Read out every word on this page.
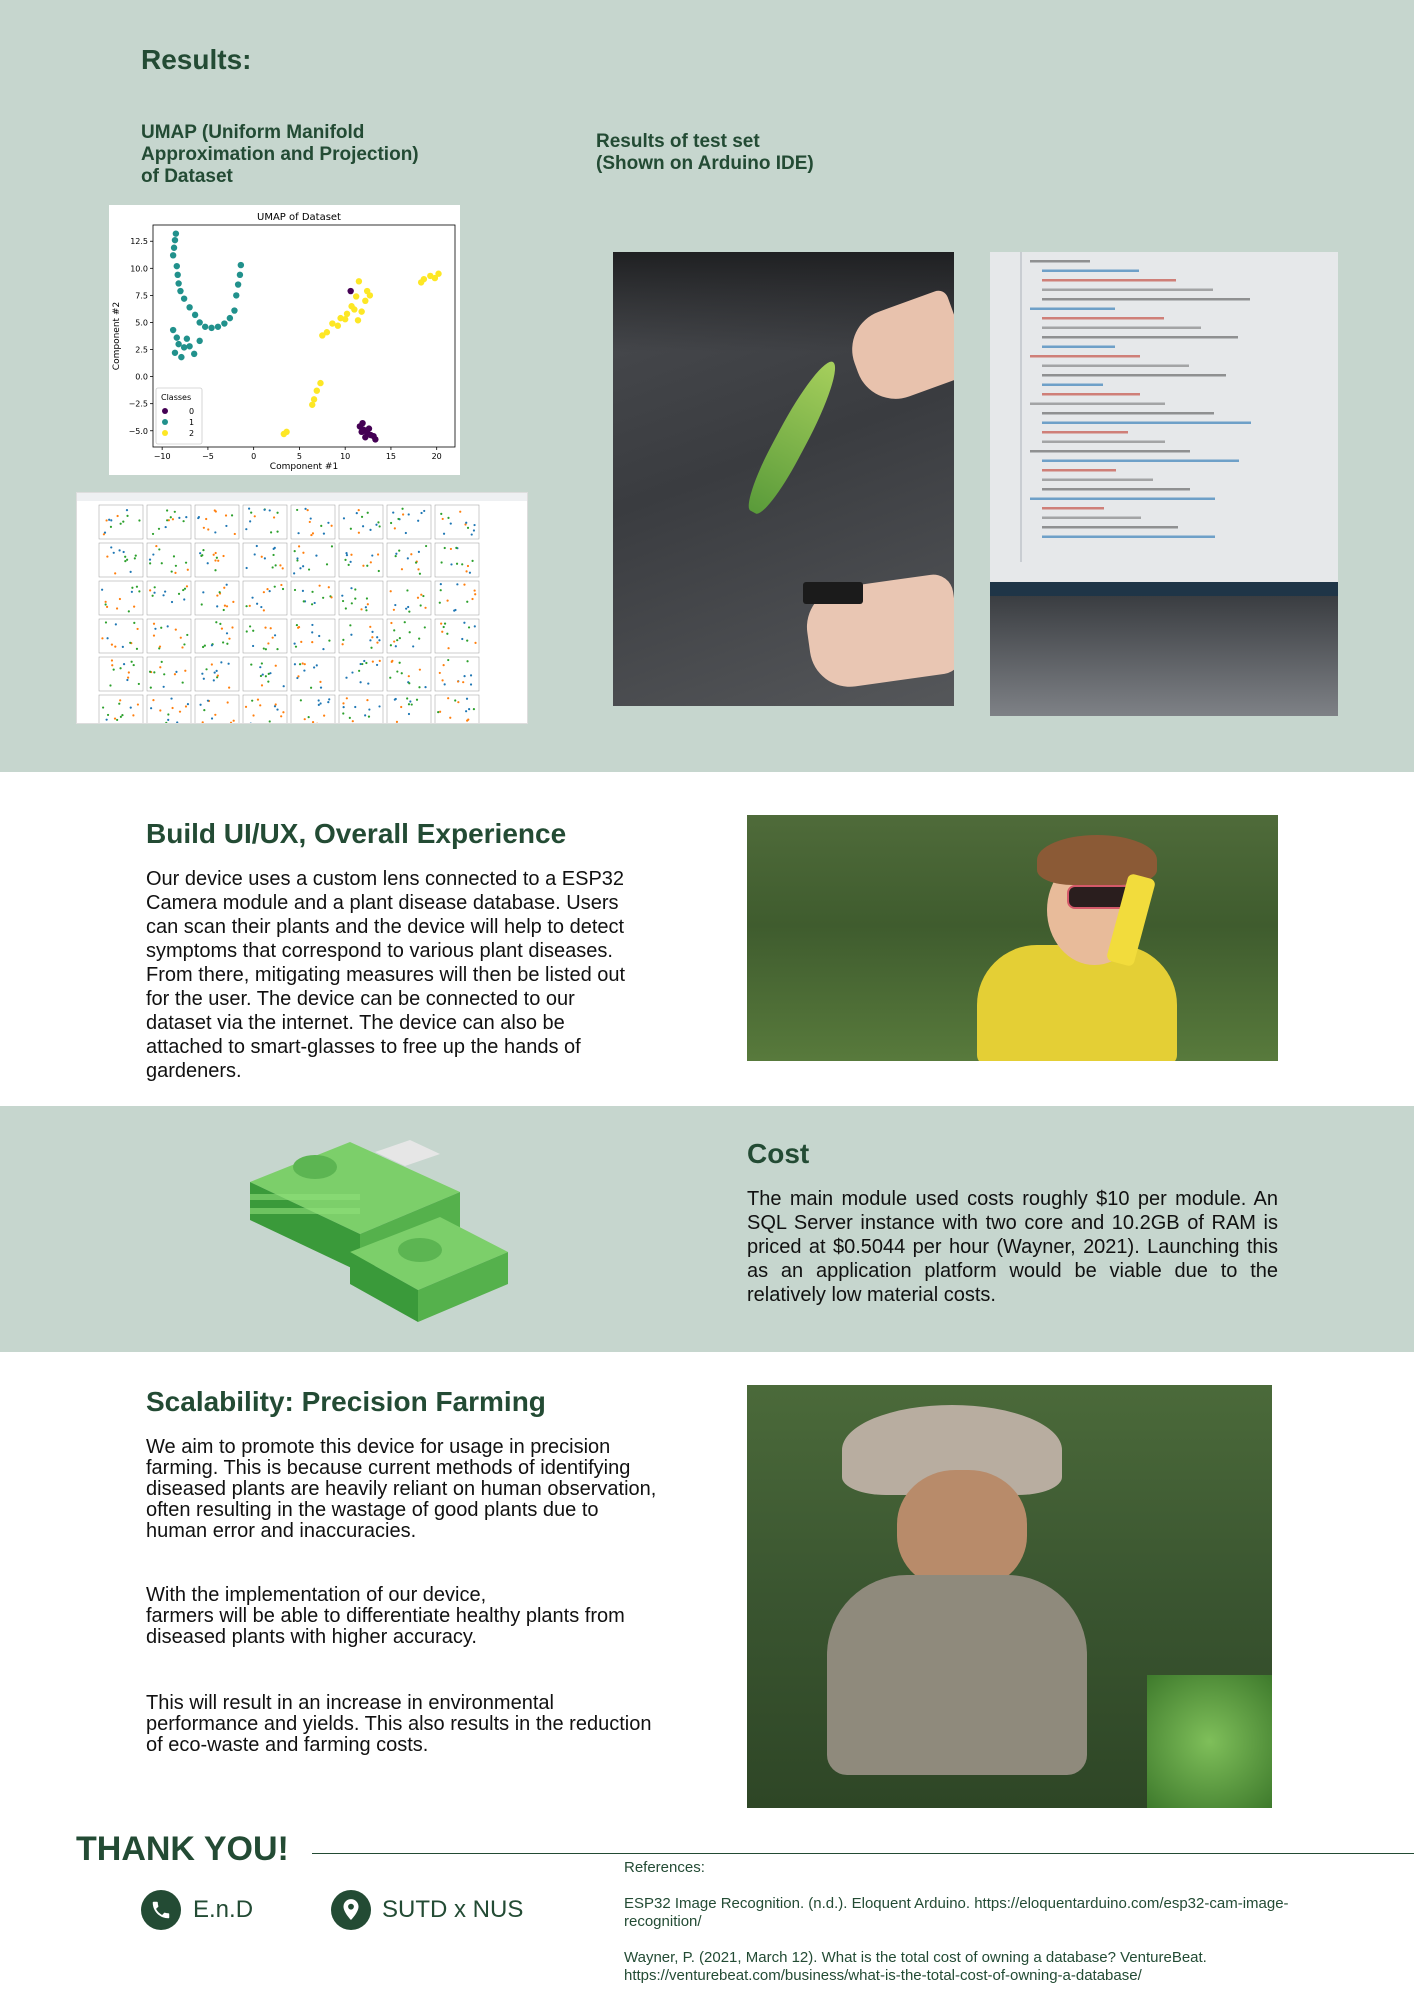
Results:
UMAP (Uniform Manifold Approximation and Projection) of Dataset
Results of test set
(Shown on Arduino IDE)
UMAP of Dataset
−10	−5	0	5	10	15	20
12.5
10.0
7.5
5.0
2.5
0.0
−2.5
−5.0
Component #1
Component #2
Classes
0
1
2
Build UI/UX, Overall Experience

Our device uses a custom lens connected to a ESP32

Camera module and a plant disease database. Users

can scan their plants and the device will help to detect

symptoms that correspond to various plant diseases.

From there, mitigating measures will then be listed out

for the user. The device can be connected to our

dataset via the internet. The device can also be

attached to smart-glasses to free up the hands of

gardeners.

Cost

The main module used costs roughly $10 per module. An SQL Server instance with two core and 10.2GB of RAM is priced at $0.5044 per hour (Wayner, 2021). Launching this as an application platform would be viable due to the relatively low material costs.

Scalability: Precision Farming

We aim to promote this device for usage in precision

farming. This is because current methods of identifying

diseased plants are heavily reliant on human observation,

often resulting in the wastage of good plants due to

human error and inaccuracies.

With the implementation of our device,

farmers will be able to differentiate healthy plants from

diseased plants with higher accuracy.

This will result in an increase in environmental

performance and yields. This also results in the reduction

of eco-waste and farming costs.

THANK YOU!
E.n.D	SUTD x NUS

References:

ESP32 Image Recognition. (n.d.). Eloquent Arduino. https://eloquentarduino.com/esp32-cam-image-

recognition/

Wayner, P. (2021, March 12). What is the total cost of owning a database? VentureBeat.

https://venturebeat.com/business/what-is-the-total-cost-of-owning-a-database/
